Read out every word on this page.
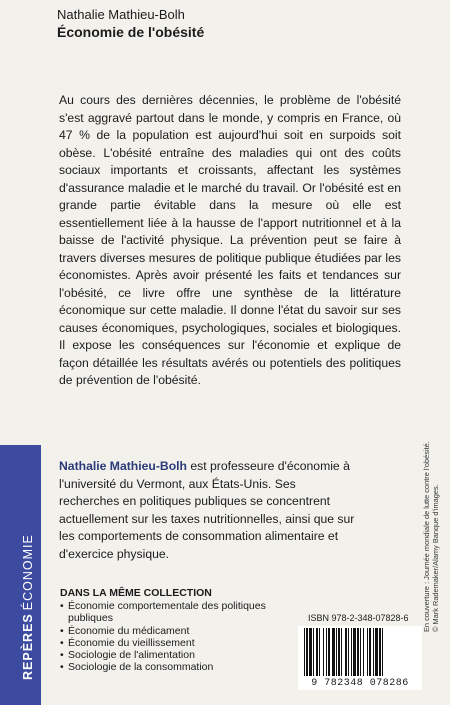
Nathalie Mathieu-Bolh
Économie de l'obésité

Au cours des dernières décennies, le problème de l'obésité s'est aggravé partout dans le monde, y compris en France, où 47 % de la population est aujourd'hui soit en surpoids soit obèse. L'obésité entraîne des maladies qui ont des coûts sociaux importants et croissants, affectant les systèmes d'assurance maladie et le marché du travail. Or l'obésité est en grande partie évitable dans la mesure où elle est essentiellement liée à la hausse de l'apport nutritionnel et à la baisse de l'activité physique. La prévention peut se faire à travers diverses mesures de politique publique étudiées par les économistes. Après avoir présenté les faits et tendances sur l'obésité, ce livre offre une synthèse de la littérature économique sur cette maladie. Il donne l'état du savoir sur ses causes économiques, psychologiques, sociales et biologiques. Il expose les conséquences sur l'économie et explique de façon détaillée les résultats avérés ou potentiels des politiques de prévention de l'obésité.

Nathalie Mathieu-Bolh est professeure d'économie à l'université du Vermont, aux États-Unis. Ses recherches en politiques publiques se concentrent actuellement sur les taxes nutritionnelles, ainsi que sur les comportements de consommation alimentaire et d'exercice physique.
REPÈRESÉCONOMIE	En couverture : Journée mondiale de lutte contre l'obésité. © Mark Rademaker/Alamy Banque d'images.
DANS LA MÊME COLLECTION
• Économie comportementale des politiques publiques
• Économie du médicament
• Économie du vieillissement
• Sociologie de l'alimentation
• Sociologie de la consommation
ISBN 978-2-348-07828-6
9 782348 078286
